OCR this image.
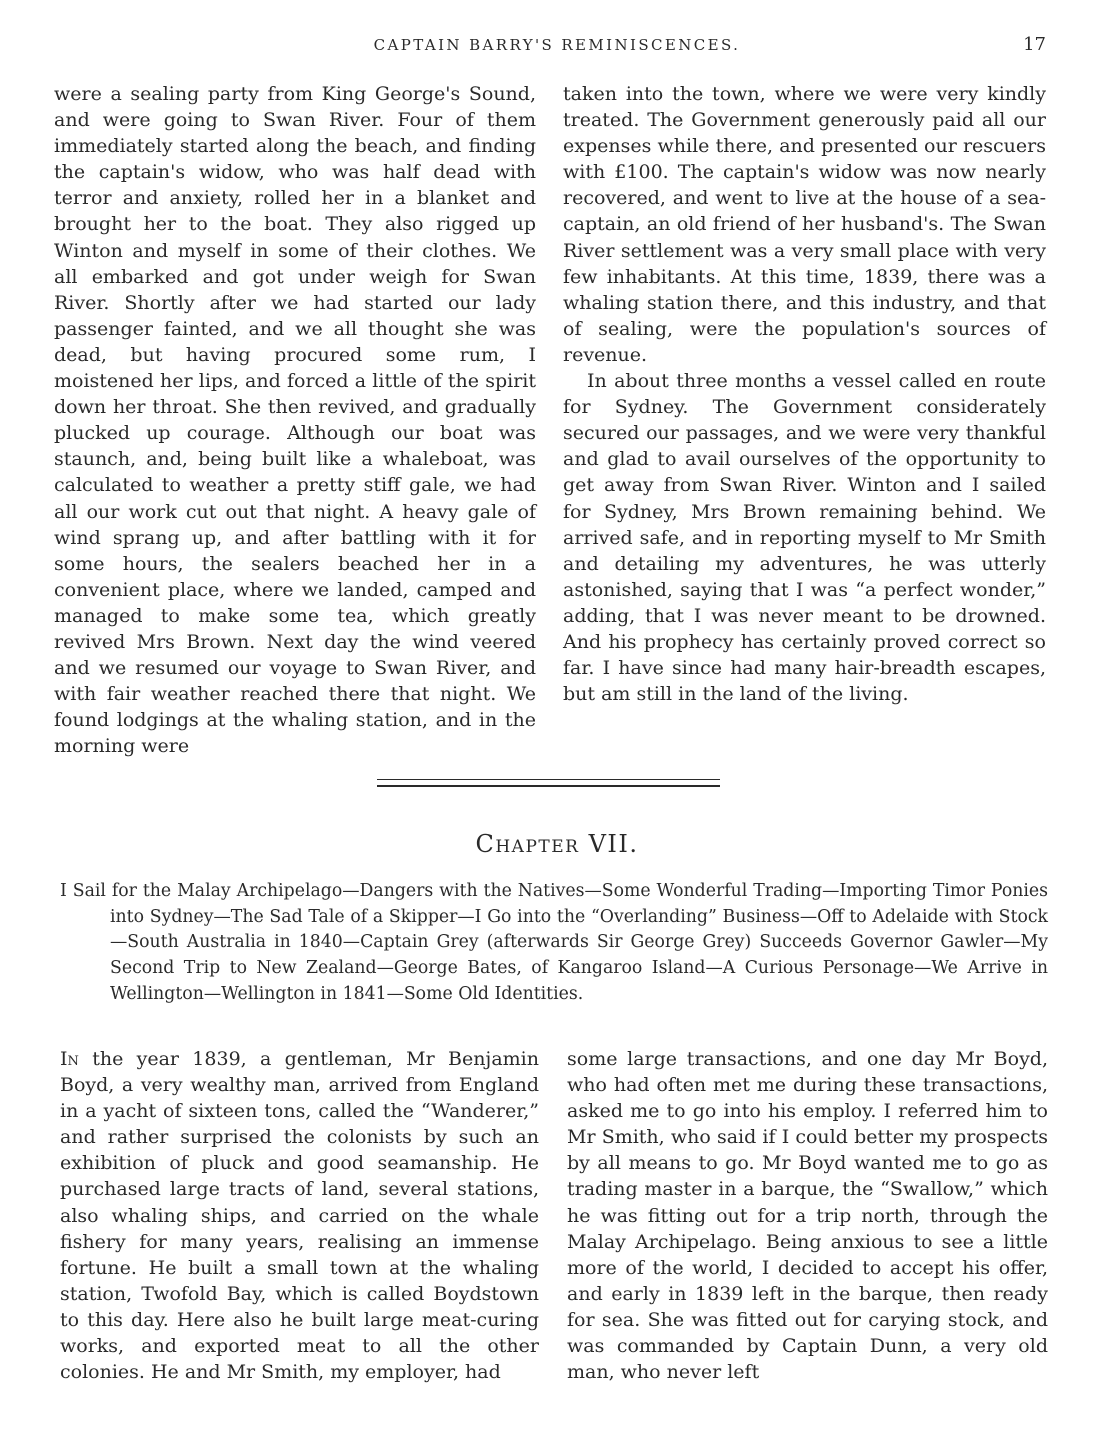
CAPTAIN BARRY'S REMINISCENCES.	17

were a sealing party from King George's Sound, and were going to Swan River. Four of them immediately started along the beach, and finding the captain's widow, who was half dead with terror and anxiety, rolled her in a blanket and brought her to the boat. They also rigged up Winton and myself in some of their clothes. We all embarked and got under weigh for Swan River. Shortly after we had started our lady passenger fainted, and we all thought she was dead, but having procured some rum, I moistened her lips, and forced a little of the spirit down her throat. She then revived, and gradually plucked up courage. Although our boat was staunch, and, being built like a whaleboat, was calculated to weather a pretty stiff gale, we had all our work cut out that night. A heavy gale of wind sprang up, and after battling with it for some hours, the sealers beached her in a convenient place, where we landed, camped and managed to make some tea, which greatly revived Mrs Brown. Next day the wind veered and we resumed our voyage to Swan River, and with fair weather reached there that night. We found lodgings at the whaling station, and in the morning were

taken into the town, where we were very kindly treated. The Government generously paid all our expenses while there, and presented our rescuers with £100. The captain's widow was now nearly recovered, and went to live at the house of a sea-captain, an old friend of her husband's. The Swan River settlement was a very small place with very few inhabitants. At this time, 1839, there was a whaling station there, and this industry, and that of sealing, were the population's sources of revenue.

In about three months a vessel called en route for Sydney. The Government considerately secured our passages, and we were very thankful and glad to avail ourselves of the opportunity to get away from Swan River. Winton and I sailed for Sydney, Mrs Brown remaining behind. We arrived safe, and in reporting myself to Mr Smith and detailing my adventures, he was utterly astonished, saying that I was “a perfect wonder,” adding, that I was never meant to be drowned. And his prophecy has certainly proved correct so far. I have since had many hair-breadth escapes, but am still in the land of the living.

Chapter VII.
I Sail for the Malay Archipelago—Dangers with the Natives—Some Wonderful Trading—Importing Timor Ponies into Sydney—The Sad Tale of a Skipper—I Go into the “Overlanding” Business—Off to Adelaide with Stock—South Australia in 1840—Captain Grey (afterwards Sir George Grey) Succeeds Governor Gawler—My Second Trip to New Zealand—George Bates, of Kangaroo Island—A Curious Personage—We Arrive in Wellington—Wellington in 1841—Some Old Identities.

In the year 1839, a gentleman, Mr Benjamin Boyd, a very wealthy man, arrived from England in a yacht of sixteen tons, called the “Wanderer,” and rather surprised the colonists by such an exhibition of pluck and good seamanship. He purchased large tracts of land, several stations, also whaling ships, and carried on the whale fishery for many years, realising an immense fortune. He built a small town at the whaling station, Twofold Bay, which is called Boydstown to this day. Here also he built large meat-curing works, and exported meat to all the other colonies. He and Mr Smith, my employer, had

some large transactions, and one day Mr Boyd, who had often met me during these transactions, asked me to go into his employ. I referred him to Mr Smith, who said if I could better my prospects by all means to go. Mr Boyd wanted me to go as trading master in a barque, the “Swallow,” which he was fitting out for a trip north, through the Malay Archipelago. Being anxious to see a little more of the world, I decided to accept his offer, and early in 1839 left in the barque, then ready for sea. She was fitted out for carying stock, and was commanded by Captain Dunn, a very old man, who never left
